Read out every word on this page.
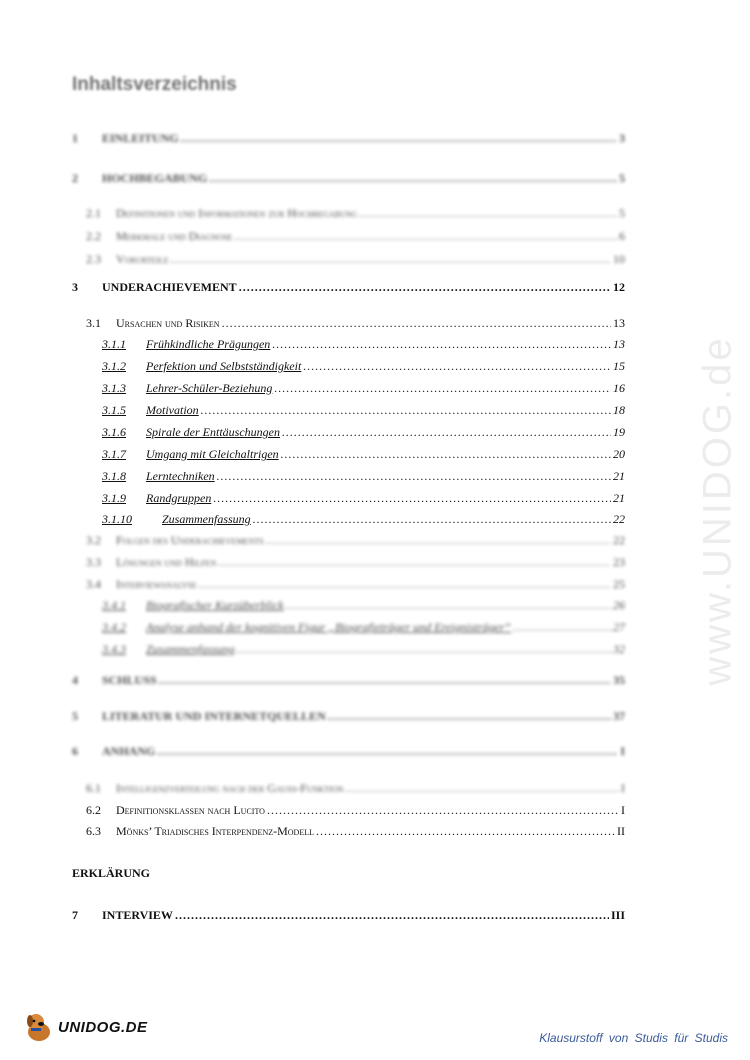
Inhaltsverzeichnis
1	EINLEITUNG .....	3
2	HOCHBEGABUNG .....	5
2.1	Definitionen und Informationen zur Hochbegabung .....	5
2.2	Merkmale und Diagnose .....	6
2.3	Vorurteile .....	10
3	UNDERACHIEVEMENT .....	12
3.1	Ursachen und Risiken .....	13
3.1.1	Frühkindliche Prägungen .....	13
3.1.2	Perfektion und Selbstständigkeit .....	15
3.1.3	Lehrer-Schüler-Beziehung .....	16
3.1.5	Motivation .....	18
3.1.6	Spirale der Enttäuschungen .....	19
3.1.7	Umgang mit Gleichaltrigen .....	20
3.1.8	Lerntechniken .....	21
3.1.9	Randgruppen .....	21
3.1.10	Zusammenfassung .....	22
3.2	Folgen des Underachievements .....	22
3.3	Lösungen und Hilfen .....	23
3.4	Interviewanalyse .....	25
3.4.1	Biografischer Kurzüberblick .....	26
3.4.2	Analyse anhand der kognitiven Figur „Biografieträger und Ereignisträger“ .....	27
3.4.3	Zusammenfassung .....	32
4	SCHLUSS .....	35
5	LITERATUR UND INTERNETQUELLEN .....	37
6	ANHANG .....	I
6.1	Intelligenzverteilung nach der Gauß-Funktion .....	I
6.2	Definitionsklassen nach Lucito .....	I
6.3	Mönks’ Triadisches Interpendenz-Modell .....	II
7	INTERVIEW .....	III
ERKLÄRUNG
www.UNIDOG.de
UNIDOG.DE
Klausurstoff von Studis für Studis
